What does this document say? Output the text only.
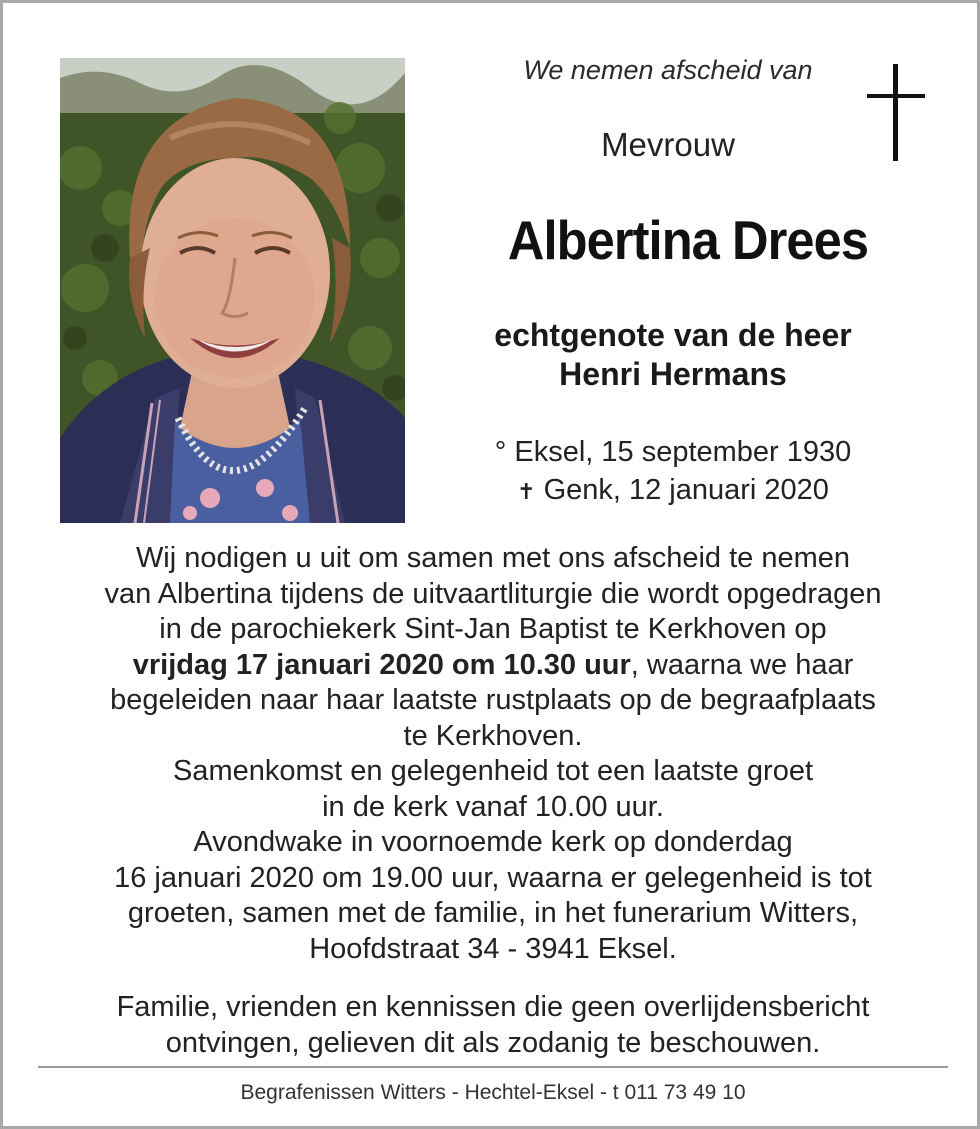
We nemen afscheid van
Mevrouw
Albertina Drees
echtgenote van de heer
Henri Hermans
° Eksel, 15 september 1930
✝ Genk, 12 januari 2020

Wij nodigen u uit om samen met ons afscheid te nemen

van Albertina tijdens de uitvaartliturgie die wordt opgedragen

in de parochiekerk Sint-Jan Baptist te Kerkhoven op

vrijdag 17 januari 2020 om 10.30 uur, waarna we haar

begeleiden naar haar laatste rustplaats op de begraafplaats

te Kerkhoven.

Samenkomst en gelegenheid tot een laatste groet

in de kerk vanaf 10.00 uur.

Avondwake in voornoemde kerk op donderdag

16 januari 2020 om 19.00 uur, waarna er gelegenheid is tot

groeten, samen met de familie, in het funerarium Witters,

Hoofdstraat 34 - 3941 Eksel.

Familie, vrienden en kennissen die geen overlijdensbericht
ontvingen, gelieven dit als zodanig te beschouwen.
Begrafenissen Witters - Hechtel-Eksel - t 011 73 49 10
